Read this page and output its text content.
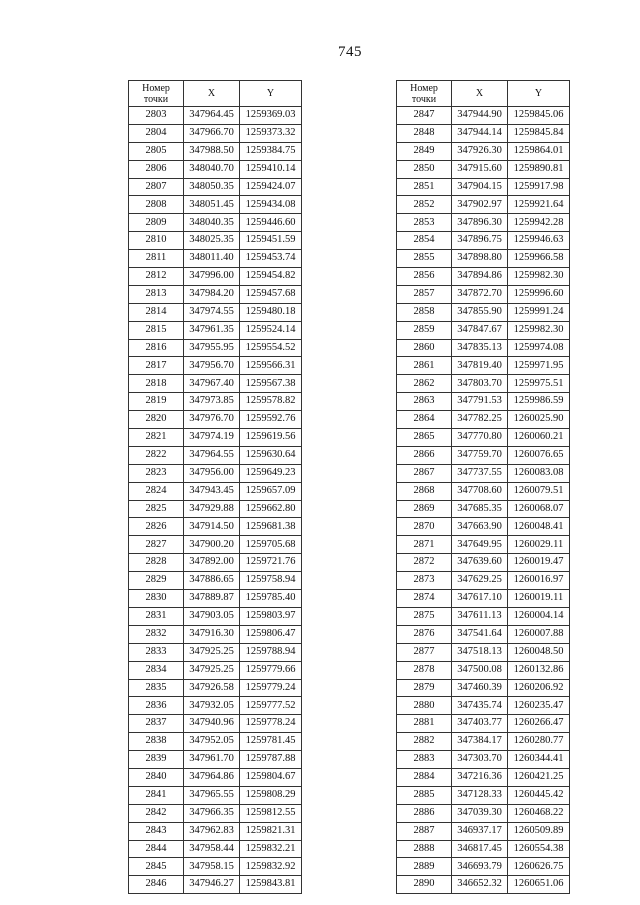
745
Номер
точки	X	Y
2803	347964.45	1259369.03
2804	347966.70	1259373.32
2805	347988.50	1259384.75
2806	348040.70	1259410.14
2807	348050.35	1259424.07
2808	348051.45	1259434.08
2809	348040.35	1259446.60
2810	348025.35	1259451.59
2811	348011.40	1259453.74
2812	347996.00	1259454.82
2813	347984.20	1259457.68
2814	347974.55	1259480.18
2815	347961.35	1259524.14
2816	347955.95	1259554.52
2817	347956.70	1259566.31
2818	347967.40	1259567.38
2819	347973.85	1259578.82
2820	347976.70	1259592.76
2821	347974.19	1259619.56
2822	347964.55	1259630.64
2823	347956.00	1259649.23
2824	347943.45	1259657.09
2825	347929.88	1259662.80
2826	347914.50	1259681.38
2827	347900.20	1259705.68
2828	347892.00	1259721.76
2829	347886.65	1259758.94
2830	347889.87	1259785.40
2831	347903.05	1259803.97
2832	347916.30	1259806.47
2833	347925.25	1259788.94
2834	347925.25	1259779.66
2835	347926.58	1259779.24
2836	347932.05	1259777.52
2837	347940.96	1259778.24
2838	347952.05	1259781.45
2839	347961.70	1259787.88
2840	347964.86	1259804.67
2841	347965.55	1259808.29
2842	347966.35	1259812.55
2843	347962.83	1259821.31
2844	347958.44	1259832.21
2845	347958.15	1259832.92
2846	347946.27	1259843.81
Номер
точки	X	Y
2847	347944.90	1259845.06
2848	347944.14	1259845.84
2849	347926.30	1259864.01
2850	347915.60	1259890.81
2851	347904.15	1259917.98
2852	347902.97	1259921.64
2853	347896.30	1259942.28
2854	347896.75	1259946.63
2855	347898.80	1259966.58
2856	347894.86	1259982.30
2857	347872.70	1259996.60
2858	347855.90	1259991.24
2859	347847.67	1259982.30
2860	347835.13	1259974.08
2861	347819.40	1259971.95
2862	347803.70	1259975.51
2863	347791.53	1259986.59
2864	347782.25	1260025.90
2865	347770.80	1260060.21
2866	347759.70	1260076.65
2867	347737.55	1260083.08
2868	347708.60	1260079.51
2869	347685.35	1260068.07
2870	347663.90	1260048.41
2871	347649.95	1260029.11
2872	347639.60	1260019.47
2873	347629.25	1260016.97
2874	347617.10	1260019.11
2875	347611.13	1260004.14
2876	347541.64	1260007.88
2877	347518.13	1260048.50
2878	347500.08	1260132.86
2879	347460.39	1260206.92
2880	347435.74	1260235.47
2881	347403.77	1260266.47
2882	347384.17	1260280.77
2883	347303.70	1260344.41
2884	347216.36	1260421.25
2885	347128.33	1260445.42
2886	347039.30	1260468.22
2887	346937.17	1260509.89
2888	346817.45	1260554.38
2889	346693.79	1260626.75
2890	346652.32	1260651.06
